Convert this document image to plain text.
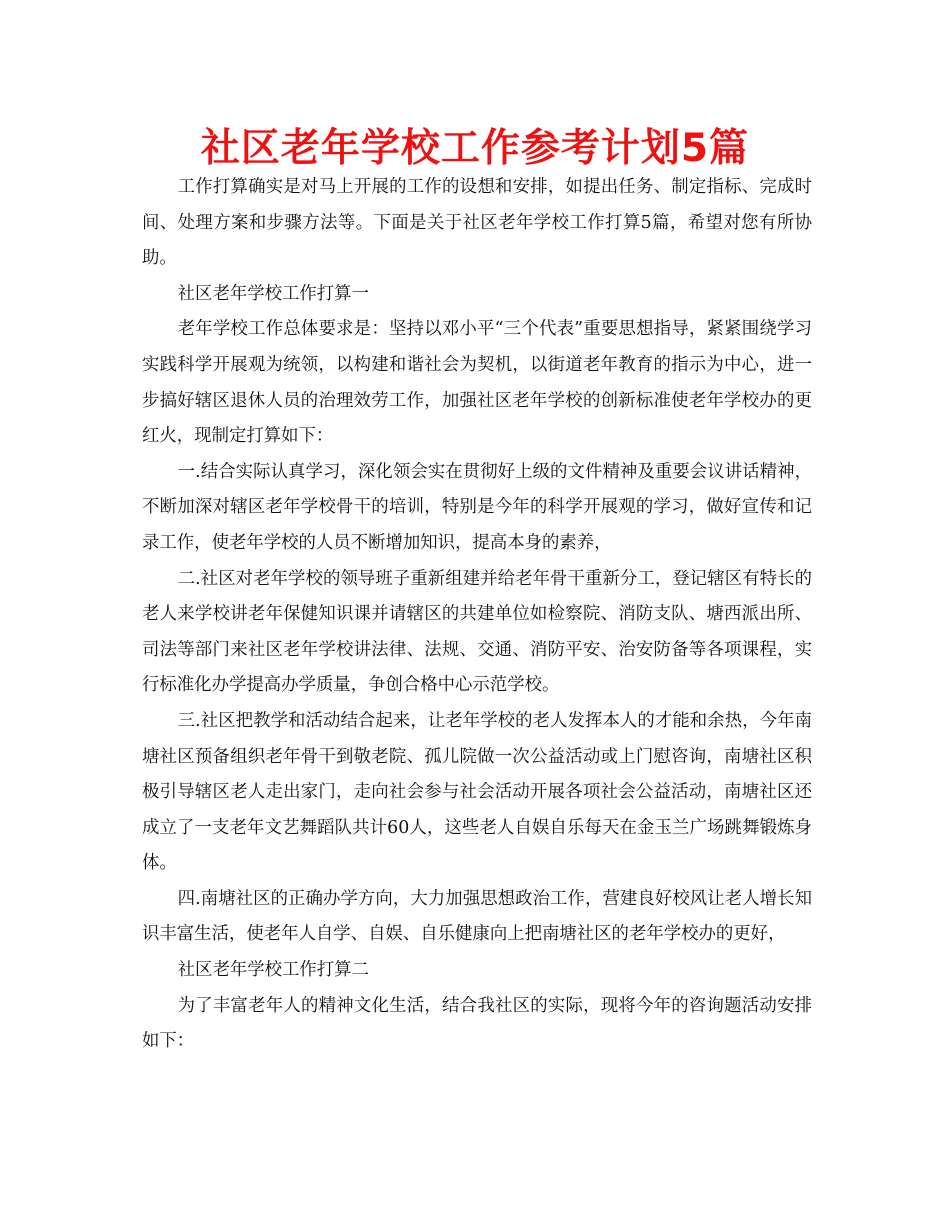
社区老年学校工作参考计划5篇

工作打算确实是对马上开展的工作的设想和安排，如提出任务、制定指标、完成时间、处理方案和步骤方法等。下面是关于社区老年学校工作打算5篇，希望对您有所协助。

社区老年学校工作打算一

老年学校工作总体要求是：坚持以邓小平“三个代表”重要思想指导，紧紧围绕学习实践科学开展观为统领，以构建和谐社会为契机，以街道老年教育的指示为中心，进一步搞好辖区退休人员的治理效劳工作，加强社区老年学校的创新标准使老年学校办的更红火，现制定打算如下：

一.结合实际认真学习，深化领会实在贯彻好上级的文件精神及重要会议讲话精神，不断加深对辖区老年学校骨干的培训，特别是今年的科学开展观的学习，做好宣传和记录工作，使老年学校的人员不断增加知识，提高本身的素养，

二.社区对老年学校的领导班子重新组建并给老年骨干重新分工，登记辖区有特长的老人来学校讲老年保健知识课并请辖区的共建单位如检察院、消防支队、塘西派出所、司法等部门来社区老年学校讲法律、法规、交通、消防平安、治安防备等各项课程，实行标准化办学提高办学质量，争创合格中心示范学校。

三.社区把教学和活动结合起来，让老年学校的老人发挥本人的才能和余热，今年南塘社区预备组织老年骨干到敬老院、孤儿院做一次公益活动或上门慰咨询，南塘社区积极引导辖区老人走出家门，走向社会参与社会活动开展各项社会公益活动，南塘社区还成立了一支老年文艺舞蹈队共计60人，这些老人自娱自乐每天在金玉兰广场跳舞锻炼身体。

四.南塘社区的正确办学方向，大力加强思想政治工作，营建良好校风让老人增长知识丰富生活，使老年人自学、自娱、自乐健康向上把南塘社区的老年学校办的更好，

社区老年学校工作打算二

为了丰富老年人的精神文化生活，结合我社区的实际，现将今年的咨询题活动安排如下：
